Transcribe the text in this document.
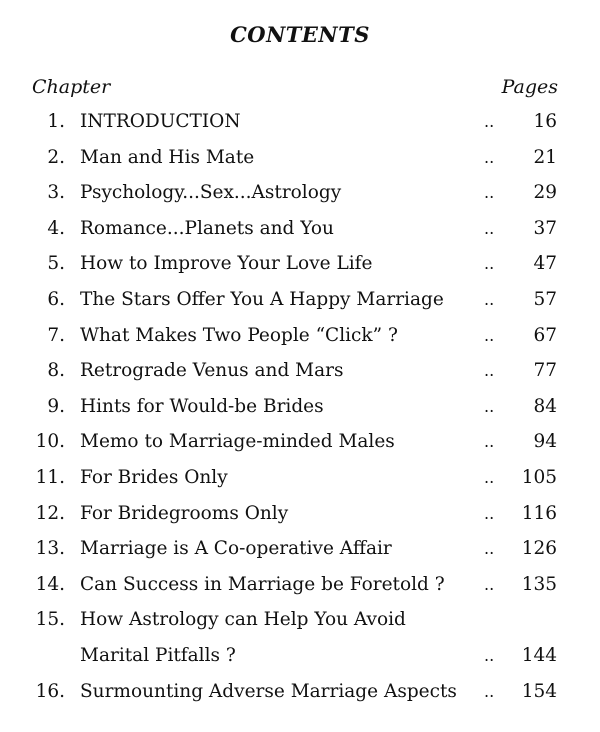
CONTENTS
Chapter	Pages
1. INTRODUCTION	.. 16
2. Man and His Mate	.. 21
3. Psychology...Sex...Astrology	.. 29
4. Romance...Planets and You	.. 37
5. How to Improve Your Love Life	.. 47
6. The Stars Offer You A Happy Marriage	.. 57
7. What Makes Two People “Click” ?	.. 67
8. Retrograde Venus and Mars	.. 77
9. Hints for Would-be Brides	.. 84
10. Memo to Marriage-minded Males	.. 94
11. For Brides Only	.. 105
12. For Bridegrooms Only	.. 116
13. Marriage is A Co-operative Affair	.. 126
14. Can Success in Marriage be Foretold ? .. 135
15. How Astrology can Help You Avoid
Marital Pitfalls ?	.. 144
16. Surmounting Adverse Marriage Aspects .. 154
